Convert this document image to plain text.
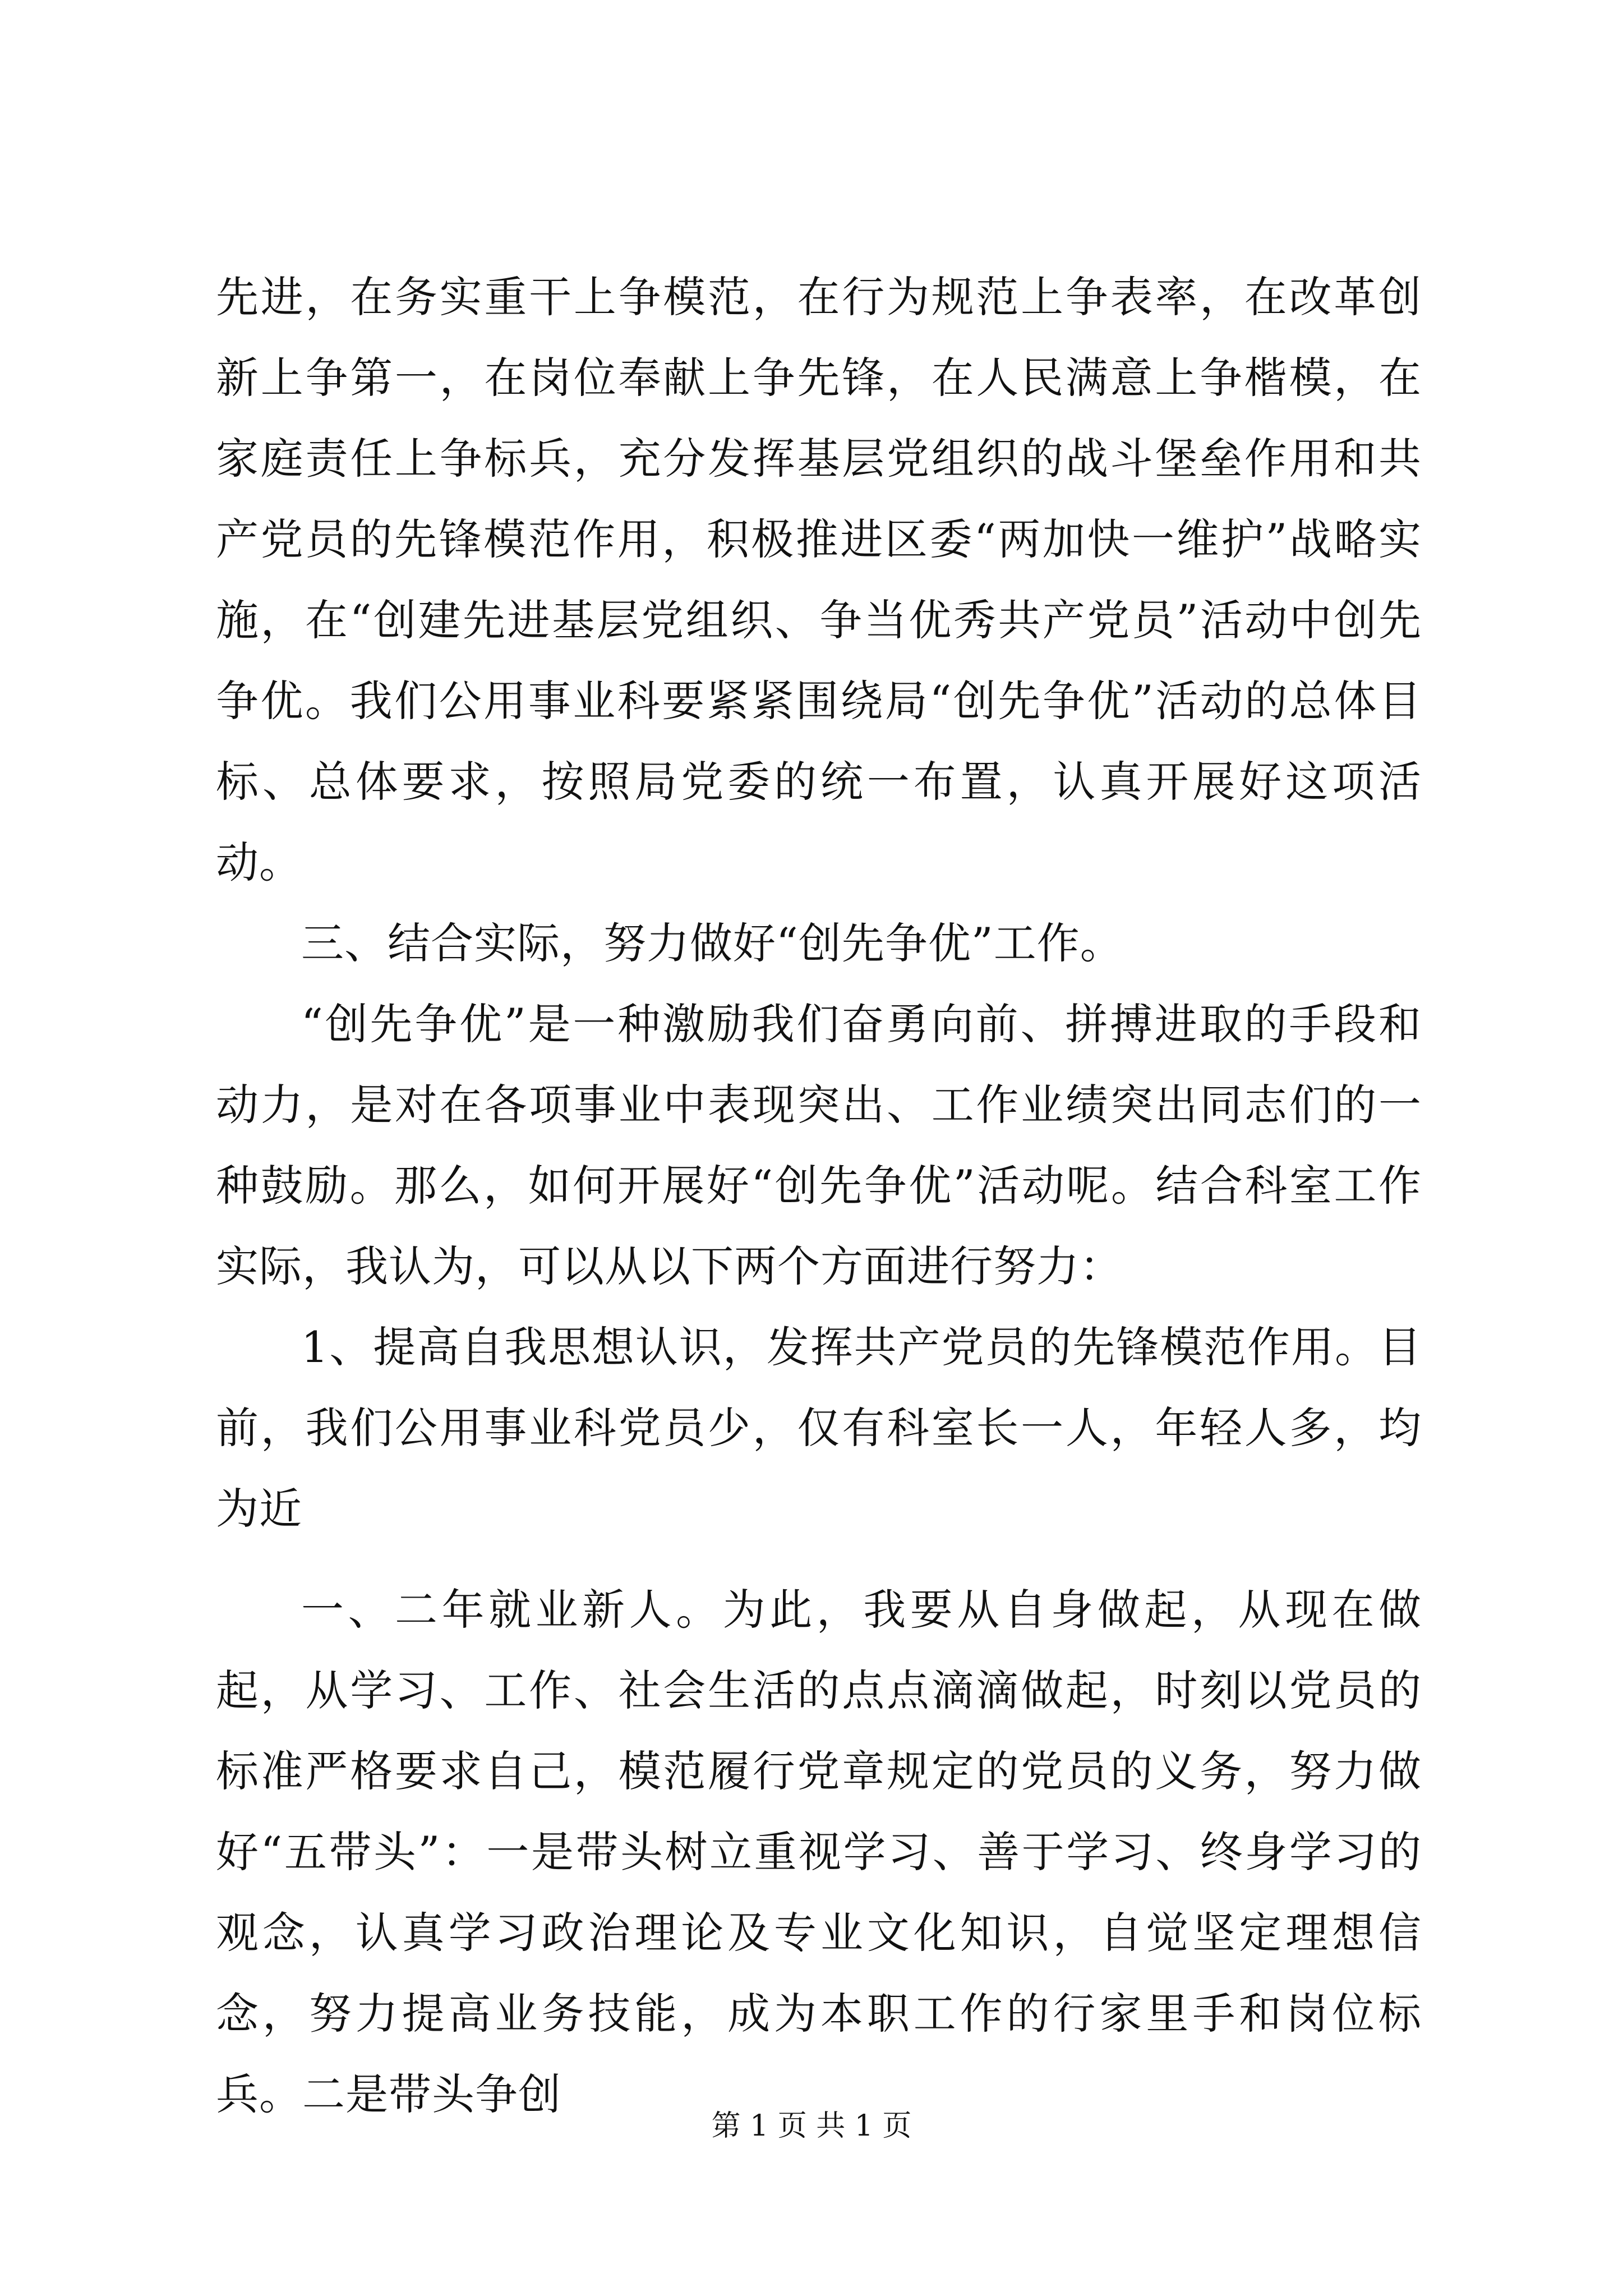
先进，在务实重干上争模范，在行为规范上争表率，在改革创新上争第一，在岗位奉献上争先锋，在人民满意上争楷模，在家庭责任上争标兵，充分发挥基层党组织的战斗堡垒作用和共产党员的先锋模范作用，积极推进区委“两加快一维护”战略实施，在“创建先进基层党组织、争当优秀共产党员”活动中创先争优。我们公用事业科要紧紧围绕局“创先争优”活动的总体目标、总体要求，按照局党委的统一布置，认真开展好这项活动。

三、结合实际，努力做好“创先争优”工作。

“创先争优”是一种激励我们奋勇向前、拼搏进取的手段和动力，是对在各项事业中表现突出、工作业绩突出同志们的一种鼓励。那么，如何开展好“创先争优”活动呢。结合科室工作实际，我认为，可以从以下两个方面进行努力：

1、提高自我思想认识，发挥共产党员的先锋模范作用。目前，我们公用事业科党员少，仅有科室长一人，年轻人多，均为近

一、二年就业新人。为此，我要从自身做起，从现在做起，从学习、工作、社会生活的点点滴滴做起，时刻以党员的标准严格要求自己，模范履行党章规定的党员的义务，努力做好“五带头”：一是带头树立重视学习、善于学习、终身学习的观念，认真学习政治理论及专业文化知识，自觉坚定理想信念，努力提高业务技能，成为本职工作的行家里手和岗位标兵。二是带头争创

第 1 页 共 1 页
